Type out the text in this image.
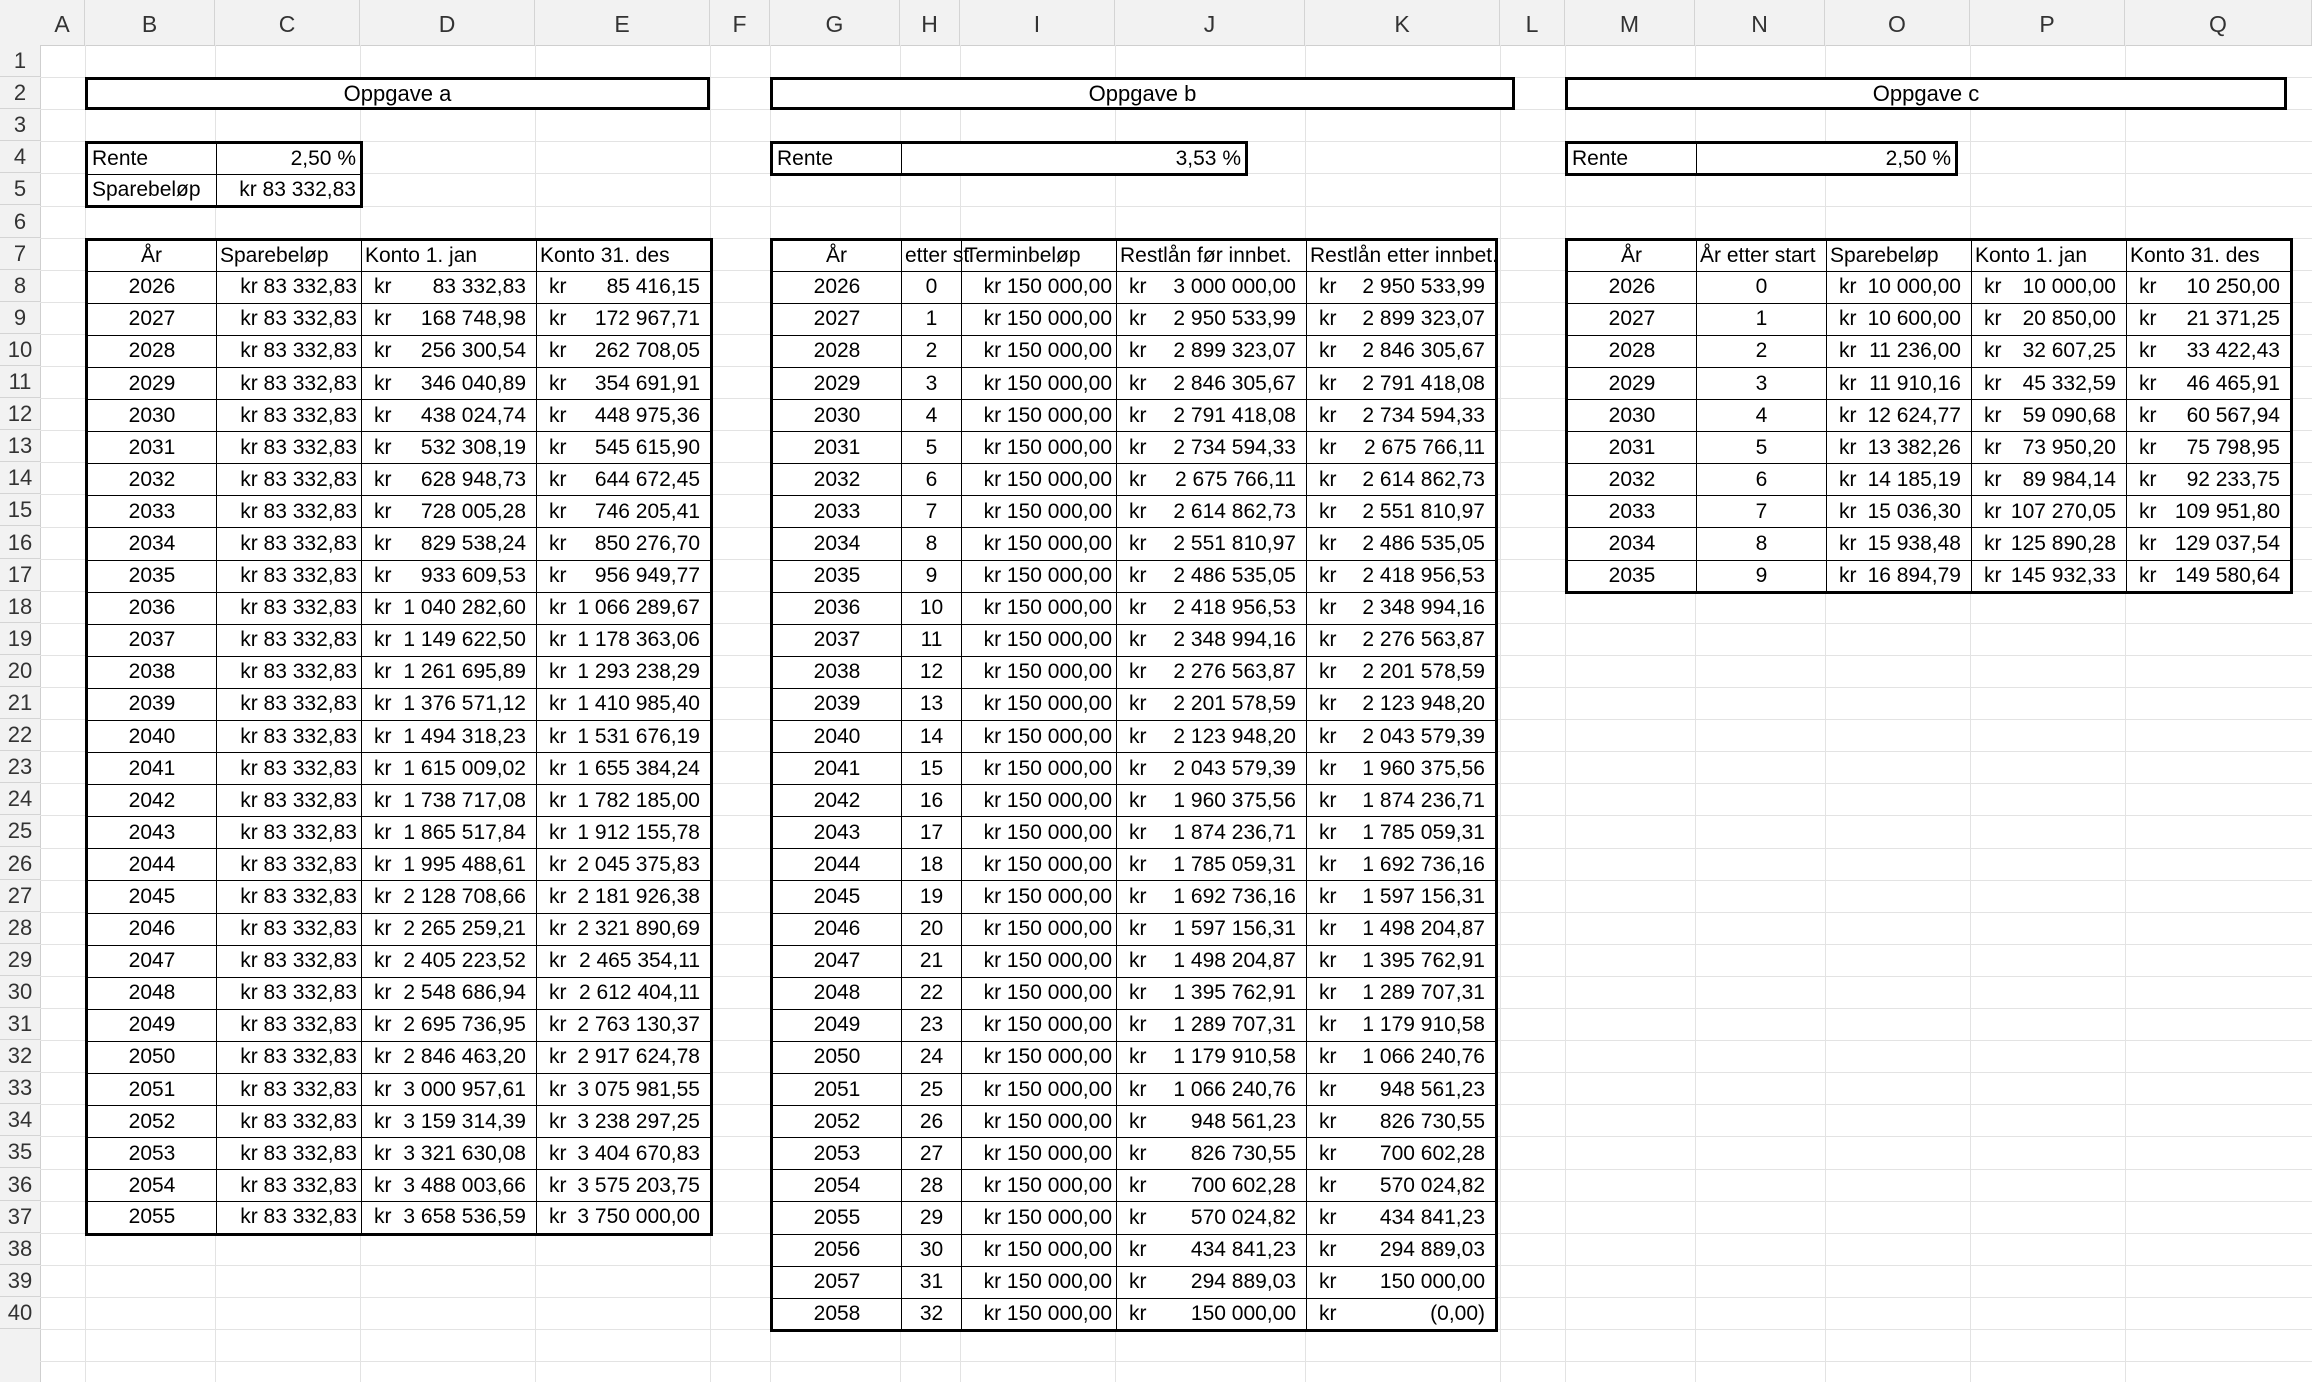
A	B	C	D	E	F	G	H	I	J	K	L	M	N	O	P	Q
1
2
3
4
5
6
7
8
9
10
11
12
13
14
15
16
17
18
19
20
21
22
23
24
25
26
27
28
29
30
31
32
33
34
35
36
37
38
39
40
Oppgave a
Rente	2,50 %
Sparebeløp	kr 83 332,83
År	Sparebeløp	Konto 1. jan	Konto 31. des
2026	kr 83 332,83	kr 83 332,83	kr 85 416,15

2027	kr 83 332,83	kr 168 748,98	kr 172 967,71

2028	kr 83 332,83	kr 256 300,54	kr 262 708,05

2029	kr 83 332,83	kr 346 040,89	kr 354 691,91

2030	kr 83 332,83	kr 438 024,74	kr 448 975,36

2031	kr 83 332,83	kr 532 308,19	kr 545 615,90

2032	kr 83 332,83	kr 628 948,73	kr 644 672,45

2033	kr 83 332,83	kr 728 005,28	kr 746 205,41

2034	kr 83 332,83	kr 829 538,24	kr 850 276,70

2035	kr 83 332,83	kr 933 609,53	kr 956 949,77

2036	kr 83 332,83	kr 1 040 282,60	kr 1 066 289,67

2037	kr 83 332,83	kr 1 149 622,50	kr 1 178 363,06

2038	kr 83 332,83	kr 1 261 695,89	kr 1 293 238,29

2039	kr 83 332,83	kr 1 376 571,12	kr 1 410 985,40

2040	kr 83 332,83	kr 1 494 318,23	kr 1 531 676,19

2041	kr 83 332,83	kr 1 615 009,02	kr 1 655 384,24

2042	kr 83 332,83	kr 1 738 717,08	kr 1 782 185,00

2043	kr 83 332,83	kr 1 865 517,84	kr 1 912 155,78

2044	kr 83 332,83	kr 1 995 488,61	kr 2 045 375,83

2045	kr 83 332,83	kr 2 128 708,66	kr 2 181 926,38

2046	kr 83 332,83	kr 2 265 259,21	kr 2 321 890,69

2047	kr 83 332,83	kr 2 405 223,52	kr 2 465 354,11

2048	kr 83 332,83	kr 2 548 686,94	kr 2 612 404,11

2049	kr 83 332,83	kr 2 695 736,95	kr 2 763 130,37

2050	kr 83 332,83	kr 2 846 463,20	kr 2 917 624,78

2051	kr 83 332,83	kr 3 000 957,61	kr 3 075 981,55

2052	kr 83 332,83	kr 3 159 314,39	kr 3 238 297,25

2053	kr 83 332,83	kr 3 321 630,08	kr 3 404 670,83

2054	kr 83 332,83	kr 3 488 003,66	kr 3 575 203,75

2055	kr 83 332,83	kr 3 658 536,59	kr 3 750 000,00
Oppgave b
Rente	3,53 %
År	etter st	Terminbeløp	Restlån før innbet.	Restlån etter innbet.
2026	0	kr 150 000,00	kr 3 000 000,00	kr 2 950 533,99

2027	1	kr 150 000,00	kr 2 950 533,99	kr 2 899 323,07

2028	2	kr 150 000,00	kr 2 899 323,07	kr 2 846 305,67

2029	3	kr 150 000,00	kr 2 846 305,67	kr 2 791 418,08

2030	4	kr 150 000,00	kr 2 791 418,08	kr 2 734 594,33

2031	5	kr 150 000,00	kr 2 734 594,33	kr 2 675 766,11

2032	6	kr 150 000,00	kr 2 675 766,11	kr 2 614 862,73

2033	7	kr 150 000,00	kr 2 614 862,73	kr 2 551 810,97

2034	8	kr 150 000,00	kr 2 551 810,97	kr 2 486 535,05

2035	9	kr 150 000,00	kr 2 486 535,05	kr 2 418 956,53

2036	10	kr 150 000,00	kr 2 418 956,53	kr 2 348 994,16

2037	11	kr 150 000,00	kr 2 348 994,16	kr 2 276 563,87

2038	12	kr 150 000,00	kr 2 276 563,87	kr 2 201 578,59

2039	13	kr 150 000,00	kr 2 201 578,59	kr 2 123 948,20

2040	14	kr 150 000,00	kr 2 123 948,20	kr 2 043 579,39

2041	15	kr 150 000,00	kr 2 043 579,39	kr 1 960 375,56

2042	16	kr 150 000,00	kr 1 960 375,56	kr 1 874 236,71

2043	17	kr 150 000,00	kr 1 874 236,71	kr 1 785 059,31

2044	18	kr 150 000,00	kr 1 785 059,31	kr 1 692 736,16

2045	19	kr 150 000,00	kr 1 692 736,16	kr 1 597 156,31

2046	20	kr 150 000,00	kr 1 597 156,31	kr 1 498 204,87

2047	21	kr 150 000,00	kr 1 498 204,87	kr 1 395 762,91

2048	22	kr 150 000,00	kr 1 395 762,91	kr 1 289 707,31

2049	23	kr 150 000,00	kr 1 289 707,31	kr 1 179 910,58

2050	24	kr 150 000,00	kr 1 179 910,58	kr 1 066 240,76

2051	25	kr 150 000,00	kr 1 066 240,76	kr 948 561,23

2052	26	kr 150 000,00	kr 948 561,23	kr 826 730,55

2053	27	kr 150 000,00	kr 826 730,55	kr 700 602,28

2054	28	kr 150 000,00	kr 700 602,28	kr 570 024,82

2055	29	kr 150 000,00	kr 570 024,82	kr 434 841,23

2056	30	kr 150 000,00	kr 434 841,23	kr 294 889,03

2057	31	kr 150 000,00	kr 294 889,03	kr 150 000,00

2058	32	kr 150 000,00	kr 150 000,00	kr (0,00)
Oppgave c
Rente	2,50 %
År	År etter start	Sparebeløp	Konto 1. jan	Konto 31. des
2026	0	kr 10 000,00	kr 10 000,00	kr 10 250,00

2027	1	kr 10 600,00	kr 20 850,00	kr 21 371,25

2028	2	kr 11 236,00	kr 32 607,25	kr 33 422,43

2029	3	kr 11 910,16	kr 45 332,59	kr 46 465,91

2030	4	kr 12 624,77	kr 59 090,68	kr 60 567,94

2031	5	kr 13 382,26	kr 73 950,20	kr 75 798,95

2032	6	kr 14 185,19	kr 89 984,14	kr 92 233,75

2033	7	kr 15 036,30	kr 107 270,05	kr 109 951,80

2034	8	kr 15 938,48	kr 125 890,28	kr 129 037,54

2035	9	kr 16 894,79	kr 145 932,33	kr 149 580,64
